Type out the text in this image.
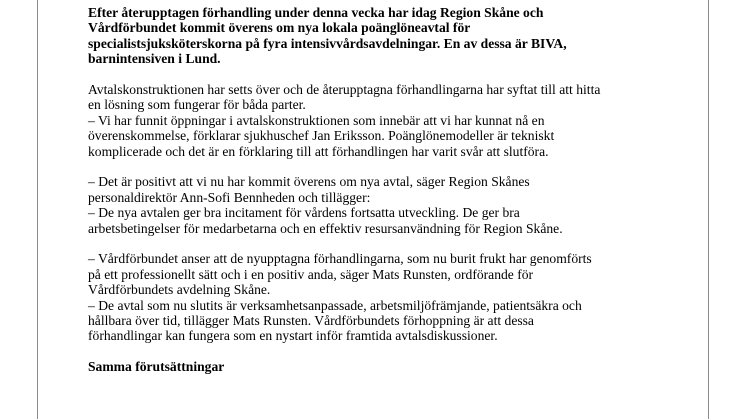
Efter återupptagen förhandling under denna vecka har idag Region Skåne och
Vårdförbundet kommit överens om nya lokala poänglöneavtal för
specialistsjuksköterskorna på fyra intensivvårdsavdelningar. En av dessa är BIVA,
barnintensiven i Lund.
Avtalskonstruktionen har setts över och de återupptagna förhandlingarna har syftat till att hitta
en lösning som fungerar för båda parter.
– Vi har funnit öppningar i avtalskonstruktionen som innebär att vi har kunnat nå en
överenskommelse, förklarar sjukhuschef Jan Eriksson. Poänglönemodeller är tekniskt
komplicerade och det är en förklaring till att förhandlingen har varit svår att slutföra.
– Det är positivt att vi nu har kommit överens om nya avtal, säger Region Skånes
personaldirektör Ann-Sofi Bennheden och tillägger:
– De nya avtalen ger bra incitament för vårdens fortsatta utveckling. De ger bra
arbetsbetingelser för medarbetarna och en effektiv resursanvändning för Region Skåne.
– Vårdförbundet anser att de nyupptagna förhandlingarna, som nu burit frukt har genomförts
på ett professionellt sätt och i en positiv anda, säger Mats Runsten, ordförande för
Vårdförbundets avdelning Skåne.
– De avtal som nu slutits är verksamhetsanpassade, arbetsmiljöfrämjande, patientsäkra och
hållbara över tid, tillägger Mats Runsten. Vårdförbundets förhoppning är att dessa
förhandlingar kan fungera som en nystart inför framtida avtalsdiskussioner.
Samma förutsättningar
